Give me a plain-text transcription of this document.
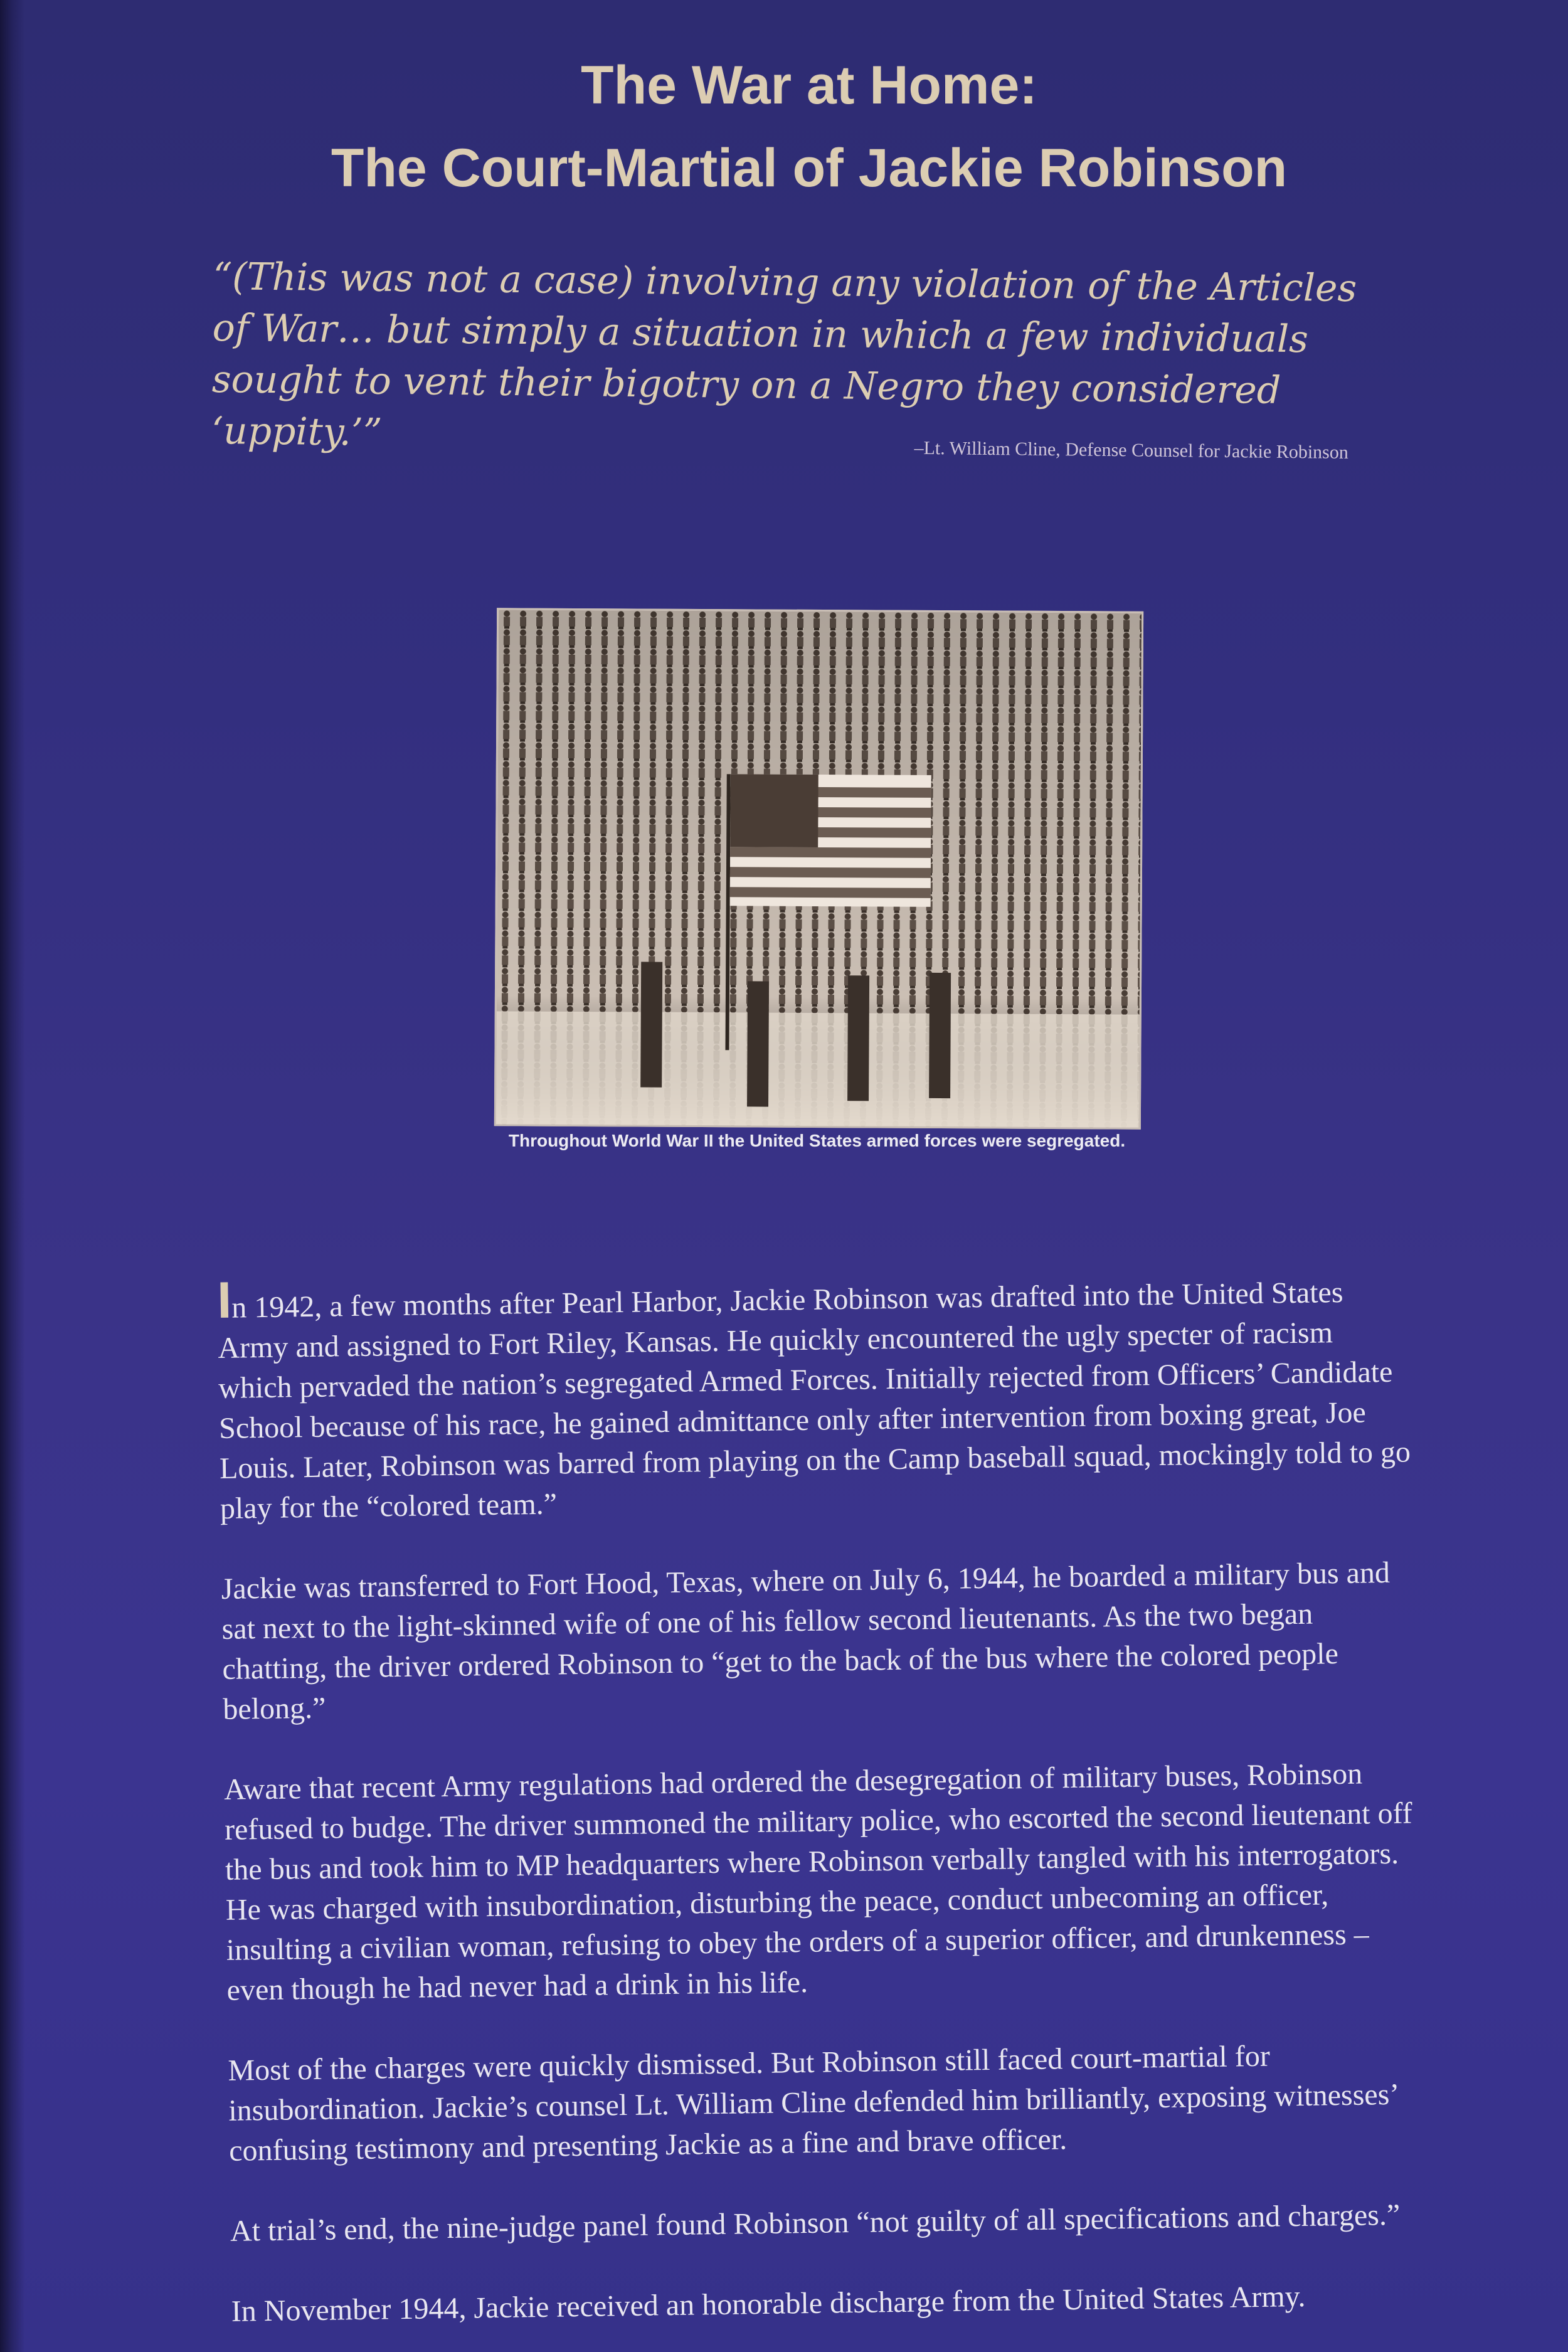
The War at Home:
The Court-Martial of Jackie Robinson
“(This was not a case) involving any violation of the Articles of War… but simply a situation in which a few individuals sought to vent their bigotry on a Negro they considered ‘uppity.’”	–Lt. William Cline, Defense Counsel for Jackie Robinson
Throughout World War II the United States armed forces were segregated.

In 1942, a few months after Pearl Harbor, Jackie Robinson was drafted into the United States Army and assigned to Fort Riley, Kansas. He quickly encountered the ugly specter of racism which pervaded the nation’s segregated Armed Forces. Initially rejected from Officers’ Candidate School because of his race, he gained admittance only after intervention from boxing great, Joe Louis. Later, Robinson was barred from playing on the Camp baseball squad, mockingly told to go play for the “colored team.”

Jackie was transferred to Fort Hood, Texas, where on July 6, 1944, he boarded a military bus and sat next to the light-skinned wife of one of his fellow second lieutenants. As the two began chatting, the driver ordered Robinson to “get to the back of the bus where the colored people belong.”

Aware that recent Army regulations had ordered the desegregation of military buses, Robinson refused to budge. The driver summoned the military police, who escorted the second lieutenant off the bus and took him to MP headquarters where Robinson verbally tangled with his interrogators. He was charged with insubordination, disturbing the peace, conduct unbecoming an officer, insulting a civilian woman, refusing to obey the orders of a superior officer, and drunkenness – even though he had never had a drink in his life.

Most of the charges were quickly dismissed. But Robinson still faced court-martial for insubordination. Jackie’s counsel Lt. William Cline defended him brilliantly, exposing witnesses’ confusing testimony and presenting Jackie as a fine and brave officer.

At trial’s end, the nine-judge panel found Robinson “not guilty of all specifications and charges.”

In November 1944, Jackie received an honorable discharge from the United States Army.
